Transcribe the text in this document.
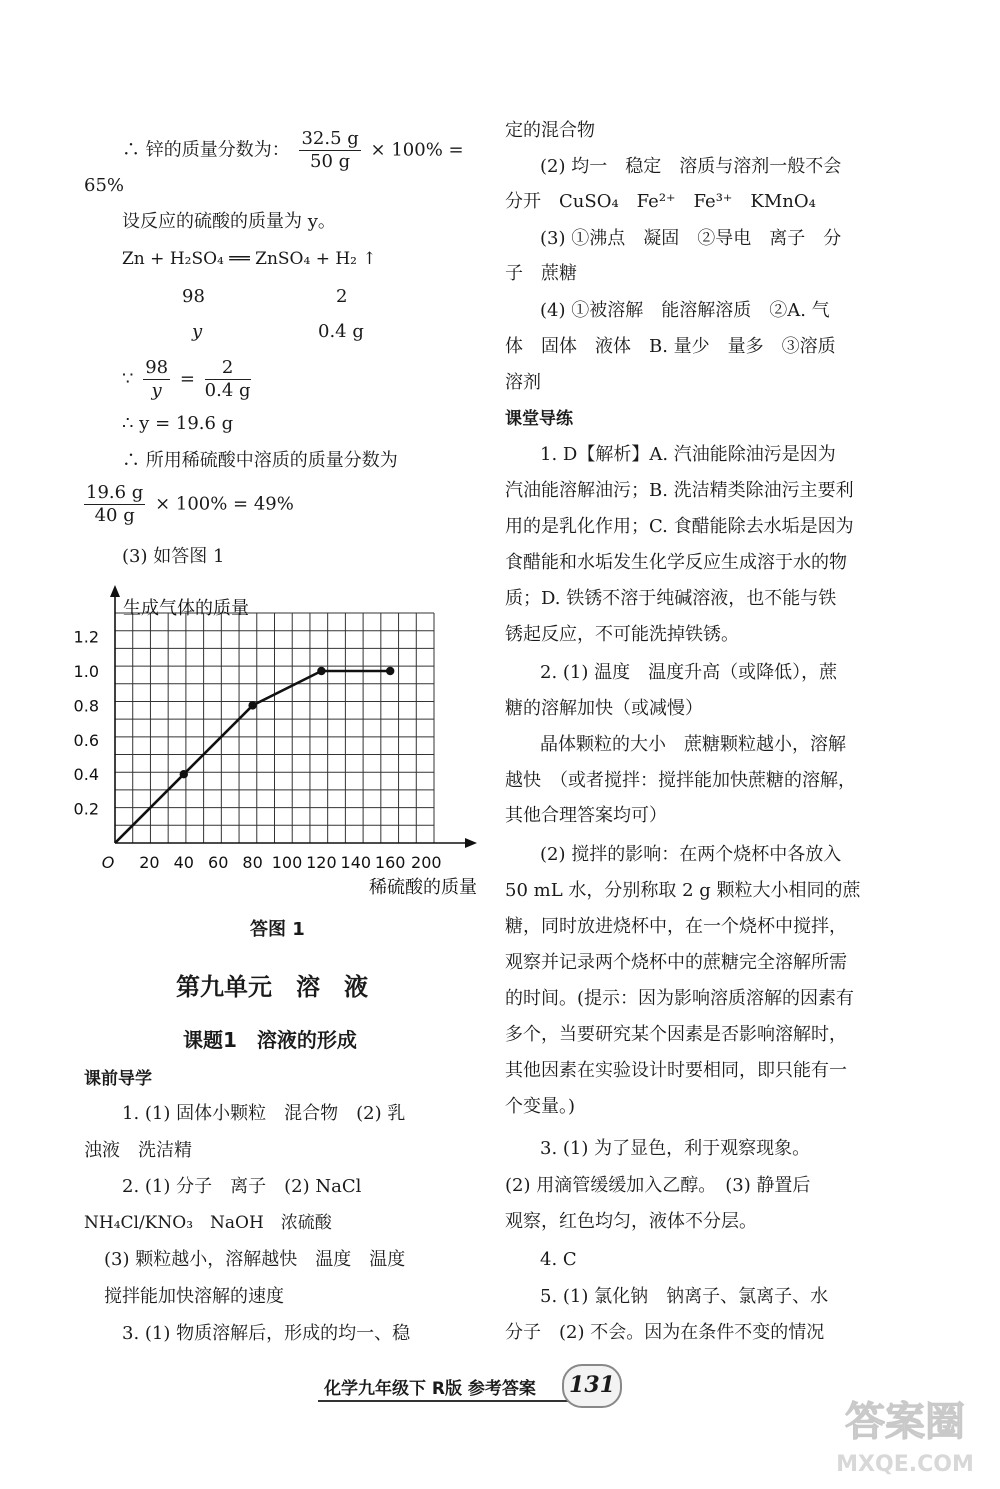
∴ 锌的质量分数为： $\frac{32.5 g}{50 g} \times 100\%$ =
65%
设反应的硫酸的质量为 y。
Zn + H₂SO₄ ══ ZnSO₄ + H₂ ↑
98	2
y	0.4 g
∵ $\frac{98}{y} = \frac{2}{0.4 g}$
∴ y = 19.6 g
∴ 所用稀硫酸中溶质的质量分数为
$\frac{19.6 g}{40 g} \times 100\% = 49\%$
(3) 如答图 1
O 20 40 60 80 100 120 140 160 200
0.2
0.4
0.6
0.8
1.0
1.2
生成气体的质量
稀硫酸的质量
答图 1
第九单元　溶　液
课题1　溶液的形成
课前导学
1. (1) 固体小颗粒　混合物　(2) 乳
浊液　洗洁精
2. (1) 分子　离子　(2) NaCl
NH₄Cl/KNO₃　NaOH　浓硫酸
(3) 颗粒越小，溶解越快　温度　温度
搅拌能加快溶解的速度
3. (1) 物质溶解后，形成的均一、稳
定的混合物
(2) 均一　稳定　溶质与溶剂一般不会
分开　CuSO₄　Fe²⁺　Fe³⁺　KMnO₄
(3) ①沸点　凝固　②导电　离子　分
子　蔗糖
(4) ①被溶解　能溶解溶质　②A. 气
体　固体　液体　B. 量少　量多　③溶质
溶剂
课堂导练
1. D【解析】A. 汽油能除油污是因为
汽油能溶解油污；B. 洗洁精类除油污主要利
用的是乳化作用；C. 食醋能除去水垢是因为
食醋能和水垢发生化学反应生成溶于水的物
质；D. 铁锈不溶于纯碱溶液，也不能与铁
锈起反应，不可能洗掉铁锈。
2. (1) 温度　温度升高（或降低），蔗
糖的溶解加快（或减慢）
晶体颗粒的大小　蔗糖颗粒越小，溶解
越快　（或者搅拌：搅拌能加快蔗糖的溶解，
其他合理答案均可）
(2) 搅拌的影响：在两个烧杯中各放入
50 mL 水，分别称取 2 g 颗粒大小相同的蔗
糖，同时放进烧杯中，在一个烧杯中搅拌，
观察并记录两个烧杯中的蔗糖完全溶解所需
的时间。(提示：因为影响溶质溶解的因素有
多个，当要研究某个因素是否影响溶解时，
其他因素在实验设计时要相同，即只能有一
个变量。)
3. (1) 为了显色，利于观察现象。
(2) 用滴管缓缓加入乙醇。　(3) 静置后
观察，红色均匀，液体不分层。
4. C
5. (1) 氯化钠　钠离子、氯离子、水
分子　(2) 不会。因为在条件不变的情况
化学九年级下 R版 参考答案	131
答案圈
MXQE.COM
